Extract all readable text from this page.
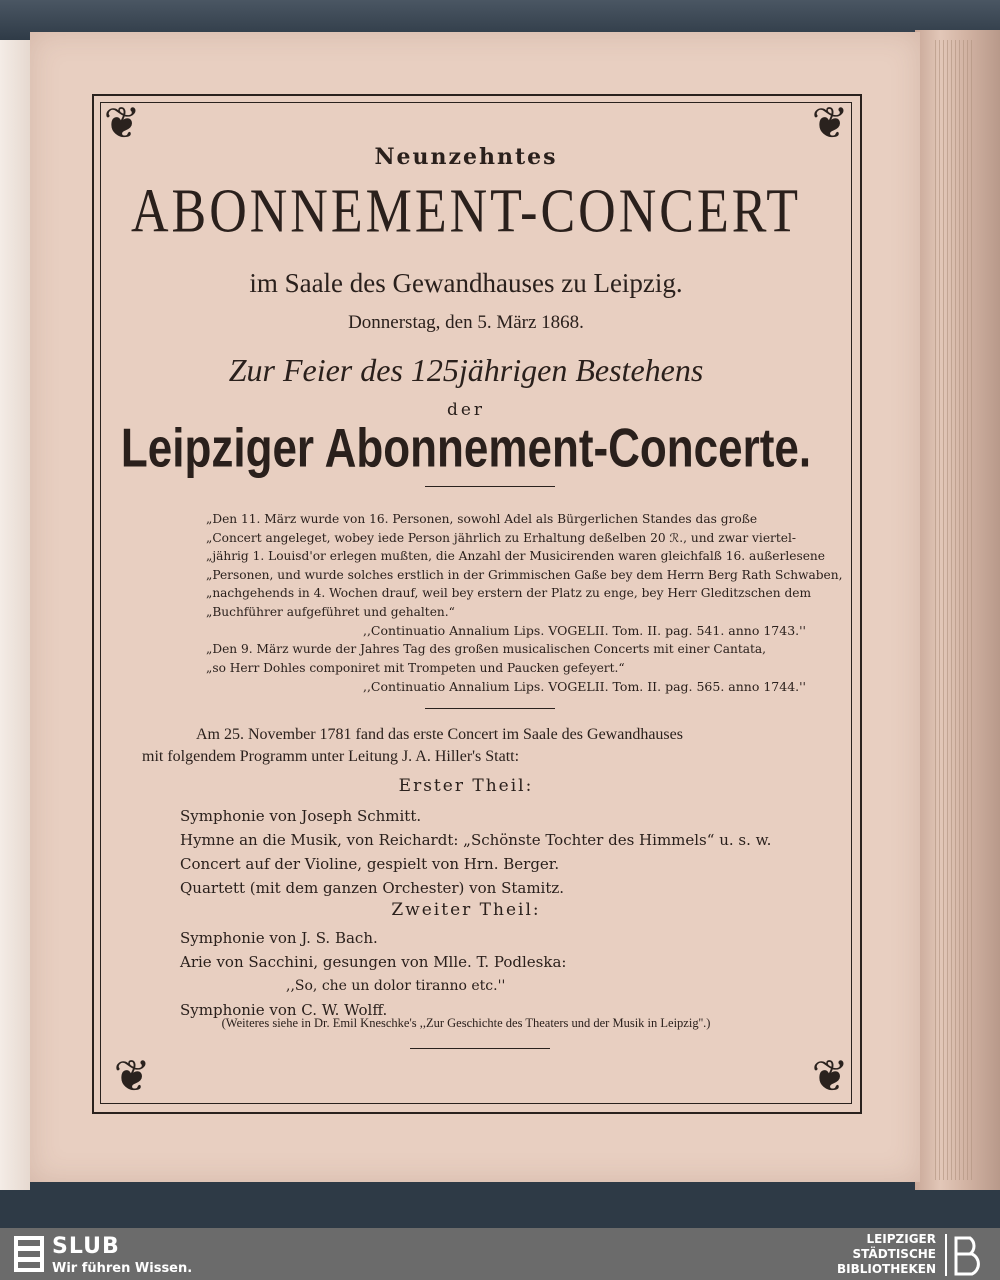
❦	❦
❦	❦
Neunzehntes
ABONNEMENT-CONCERT
im Saale des Gewandhauses zu Leipzig.
Donnerstag, den 5. März 1868.
Zur Feier des 125jährigen Bestehens
der
Leipziger Abonnement-Concerte.
„Den 11. März wurde von 16. Personen, sowohl Adel als Bürgerlichen Standes das große
„Concert angeleget, wobey iede Person jährlich zu Erhaltung deßelben 20 ℛ., und zwar viertel-
„jährig 1. Louisd'or erlegen mußten, die Anzahl der Musicirenden waren gleichfalß 16. außerlesene
„Personen, und wurde solches erstlich in der Grimmischen Gaße bey dem Herrn Berg Rath Schwaben,
„nachgehends in 4. Wochen drauf, weil bey erstern der Platz zu enge, bey Herr Gleditzschen dem
„Buchführer aufgeführet und gehalten.“
,,Continuatio Annalium Lips. VOGELII. Tom. II. pag. 541. anno 1743.''
„Den 9. März wurde der Jahres Tag des großen musicalischen Concerts mit einer Cantata,
„so Herr Dohles componiret mit Trompeten und Paucken gefeyert.“
,,Continuatio Annalium Lips. VOGELII. Tom. II. pag. 565. anno 1744.''
Am 25. November 1781 fand das erste Concert im Saale des Gewandhauses
mit folgendem Programm unter Leitung J. A. Hiller's Statt:
Erster Theil:
Symphonie von Joseph Schmitt.
Hymne an die Musik, von Reichardt: „Schönste Tochter des Himmels“ u. s. w.
Concert auf der Violine, gespielt von Hrn. Berger.
Quartett (mit dem ganzen Orchester) von Stamitz.
Zweiter Theil:
Symphonie von J. S. Bach.
Arie von Sacchini, gesungen von Mlle. T. Podleska:
,,So, che un dolor tiranno etc.''
Symphonie von C. W. Wolff.
(Weiteres siehe in Dr. Emil Kneschke's ,,Zur Geschichte des Theaters und der Musik in Leipzig''.)
SLUB
Wir führen Wissen.
LEIPZIGER
STÄDTISCHE
BIBLIOTHEKEN
